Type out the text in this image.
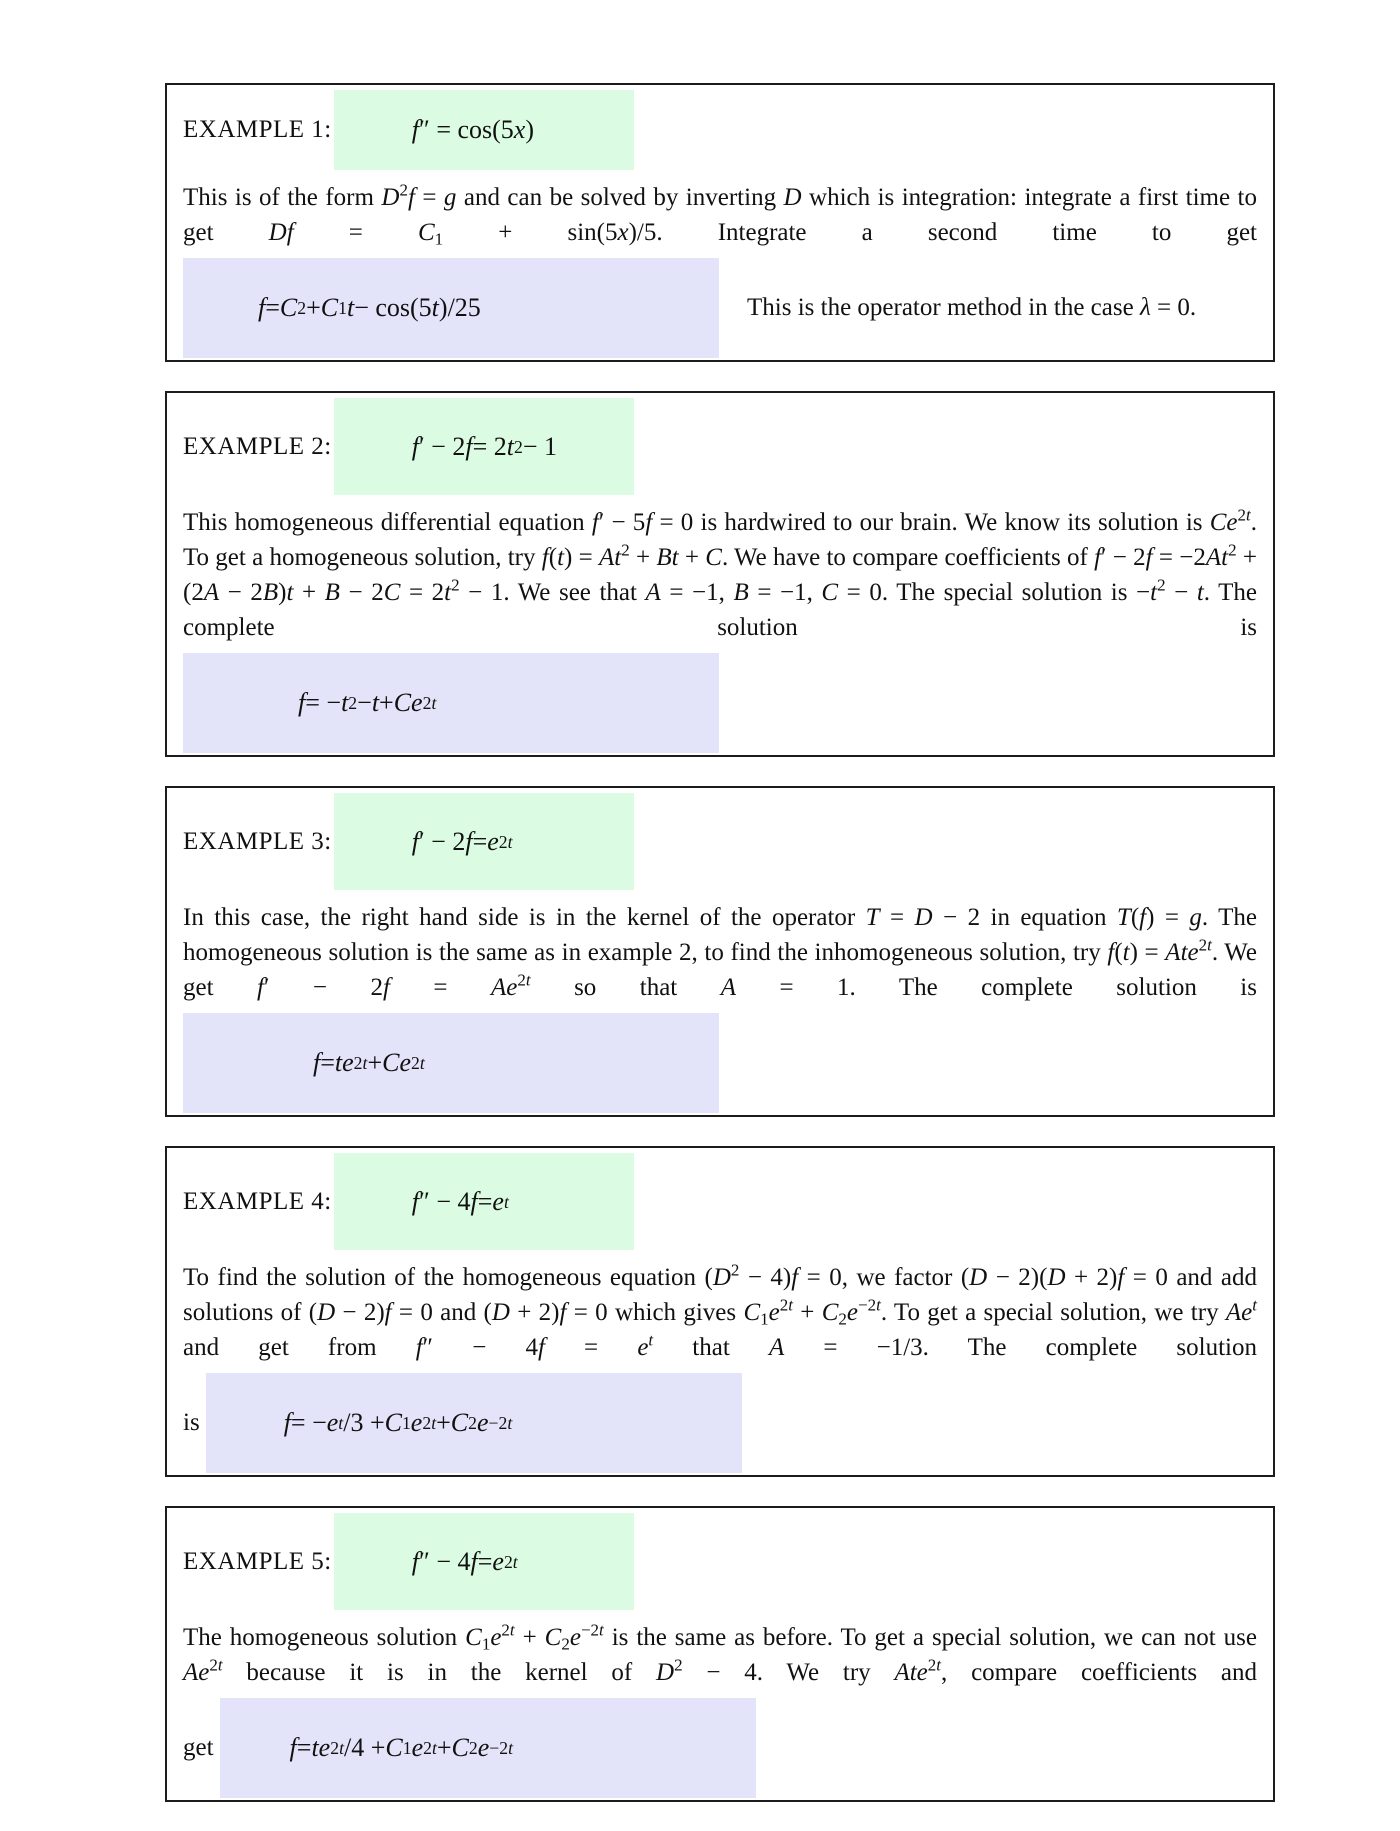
EXAMPLE 1:	f ″ = cos(5 x )
This is of the form $D^2f = g$ and can be solved by inverting D which is integration: integrate a first time to get $Df = C_1 + \sin(5x)/5$. Integrate a second time to get
f = C 2 + C 1 t − cos(5 t )/25	This is the operator method in the case λ = 0.
EXAMPLE 2:	f ′ − 2 f = 2 t 2 − 1
This homogeneous differential equation f′ − 5f = 0 is hardwired to our brain. We know its solution is $Ce^{2t}$. To get a homogeneous solution, try $f(t) = At^2 + Bt + C$. We have to compare coefficients of $f' - 2f = -2At^2 + (2A - 2B)t + B - 2C = 2t^2 - 1$. We see that A = −1, B = −1, C = 0. The special solution is $-t^2 - t$. The complete solution is
f = − t 2 − t + Ce 2t
EXAMPLE 3:	f ′ − 2 f = e 2t
In this case, the right hand side is in the kernel of the operator T = D − 2 in equation T(f) = g. The homogeneous solution is the same as in example 2, to find the inhomogeneous solution, try f(t) = Ate$^{2t}$. We get $f' - 2f = Ae^{2t}$ so that A = 1. The complete solution is
f = te 2t + Ce 2t
EXAMPLE 4:	f ″ − 4 f = e t
To find the solution of the homogeneous equation $(D^2 - 4)f = 0$, we factor (D − 2)(D + 2)f = 0 and add solutions of (D − 2)f = 0 and (D + 2)f = 0 which gives $C_1e^{2t} + C_2e^{-2t}$. To get a special solution, we try Ae$^t$ and get from $f'' - 4f = e^t$ that A = −1/3. The complete solution
is	f = − e t /3 + C 1 e 2t + C 2 e −2t
EXAMPLE 5:	f ″ − 4 f = e 2t
The homogeneous solution $C_1e^{2t} + C_2e^{-2t}$ is the same as before. To get a special solution, we can not use $Ae^{2t}$ because it is in the kernel of $D^2 - 4$. We try Ate$^{2t}$, compare coefficients and
get	f = te 2t /4 + C 1 e 2t + C 2 e −2t
